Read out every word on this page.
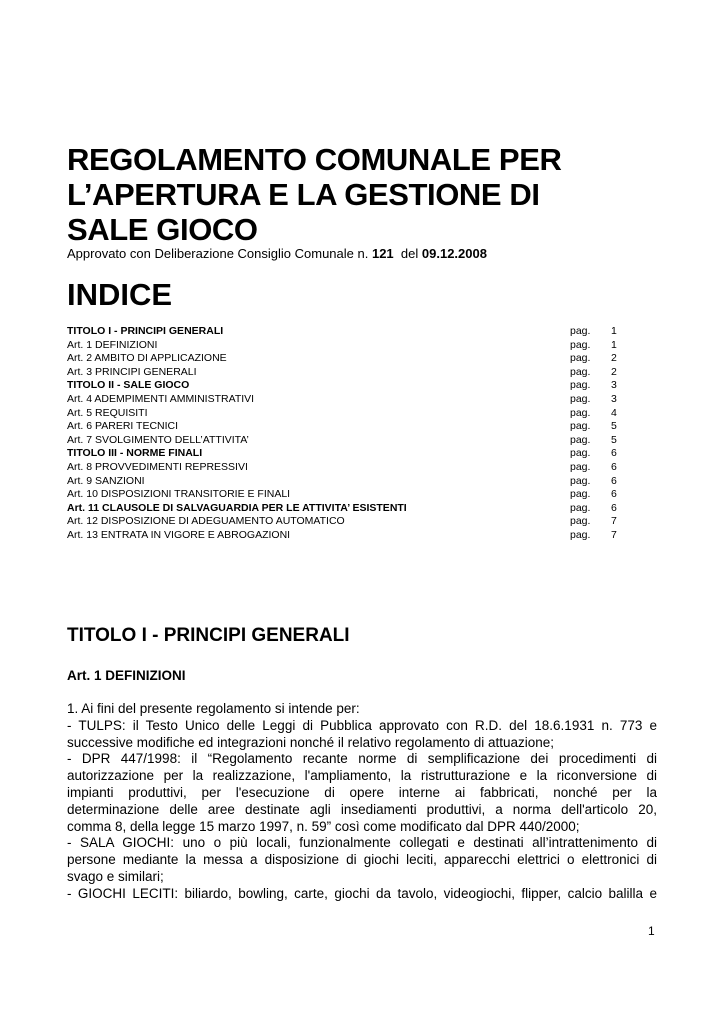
REGOLAMENTO COMUNALE PER
L’APERTURA E LA GESTIONE DI
SALE GIOCO
Approvato con Deliberazione Consiglio Comunale n. 121 del 09.12.2008
INDICE
TITOLO I - PRINCIPI GENERALI	pag. 1
Art. 1 DEFINIZIONI	pag. 1
Art. 2 AMBITO DI APPLICAZIONE	pag. 2
Art. 3 PRINCIPI GENERALI	pag. 2
TITOLO II - SALE GIOCO	pag. 3
Art. 4 ADEMPIMENTI AMMINISTRATIVI	pag. 3
Art. 5 REQUISITI	pag. 4
Art. 6 PARERI TECNICI	pag. 5
Art. 7 SVOLGIMENTO DELL’ATTIVITA’	pag. 5
TITOLO III - NORME FINALI	pag. 6
Art. 8 PROVVEDIMENTI REPRESSIVI	pag. 6
Art. 9 SANZIONI	pag. 6
Art. 10 DISPOSIZIONI TRANSITORIE E FINALI	pag. 6
Art. 11 CLAUSOLE DI SALVAGUARDIA PER LE ATTIVITA’ ESISTENTI	pag. 6
Art. 12 DISPOSIZIONE DI ADEGUAMENTO AUTOMATICO	pag. 7
Art. 13 ENTRATA IN VIGORE E ABROGAZIONI	pag. 7
TITOLO I - PRINCIPI GENERALI
Art. 1 DEFINIZIONI
1. Ai fini del presente regolamento si intende per:
- TULPS: il Testo Unico delle Leggi di Pubblica approvato con R.D. del 18.6.1931 n. 773 e
successive modifiche ed integrazioni nonché il relativo regolamento di attuazione;
- DPR 447/1998: il “Regolamento recante norme di semplificazione dei procedimenti di
autorizzazione per la realizzazione, l'ampliamento, la ristrutturazione e la riconversione di
impianti produttivi, per l'esecuzione di opere interne ai fabbricati, nonché per la
determinazione delle aree destinate agli insediamenti produttivi, a norma dell'articolo 20,
comma 8, della legge 15 marzo 1997, n. 59” così come modificato dal DPR 440/2000;
- SALA GIOCHI: uno o più locali, funzionalmente collegati e destinati all’intrattenimento di
persone mediante la messa a disposizione di giochi leciti, apparecchi elettrici o elettronici di
svago e similari;
- GIOCHI LECITI: biliardo, bowling, carte, giochi da tavolo, videogiochi, flipper, calcio balilla e
1
